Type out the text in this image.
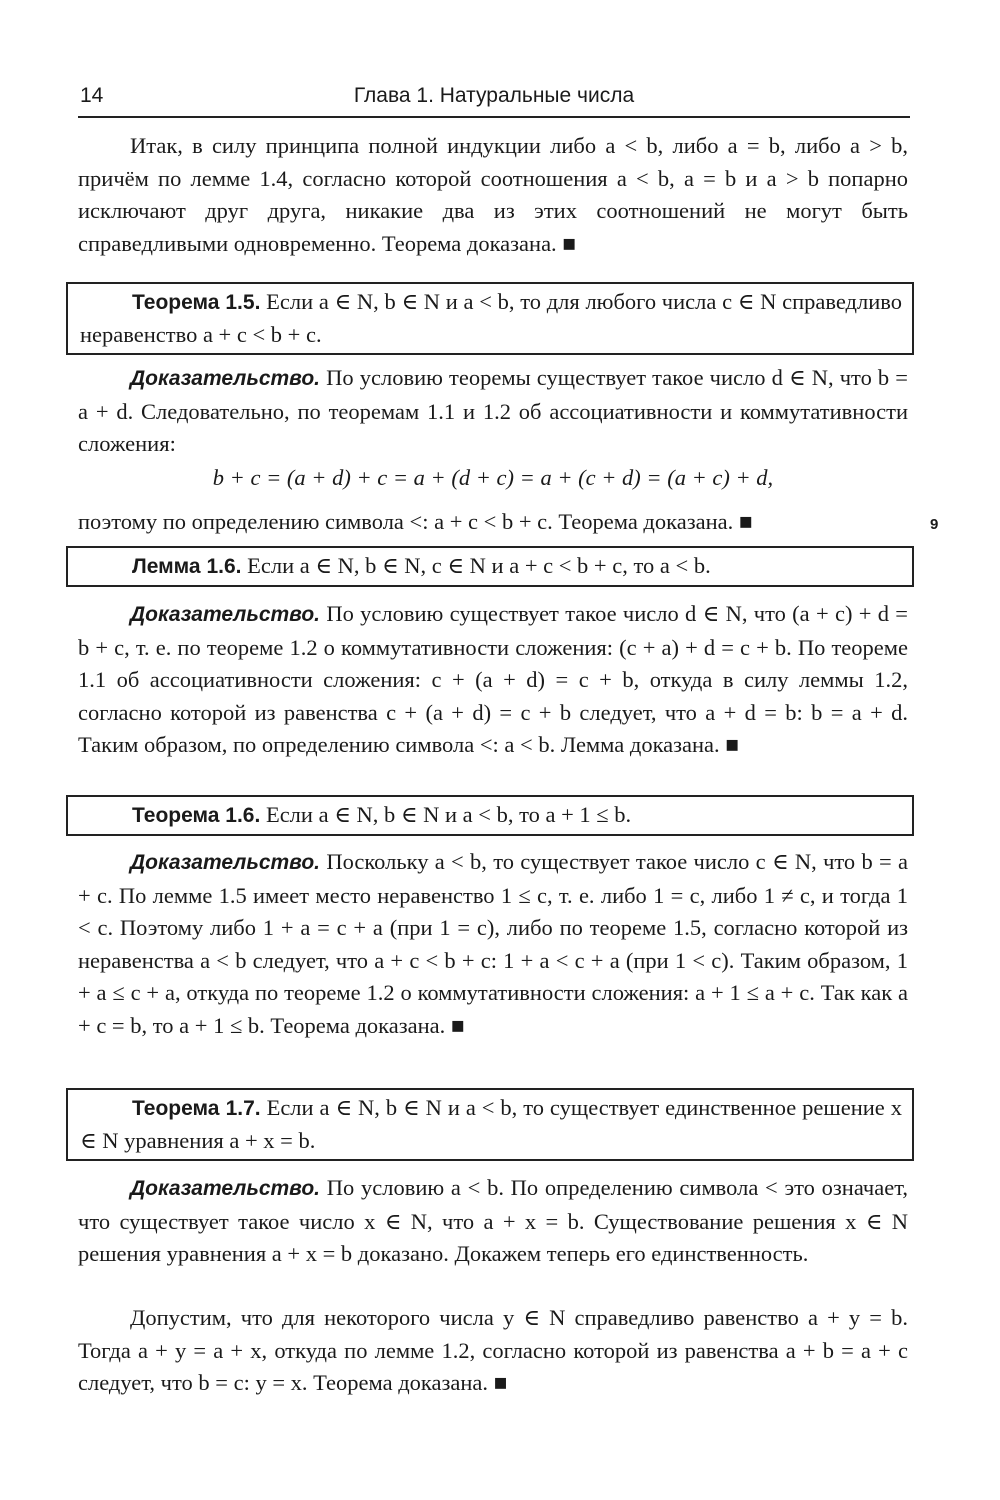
14	Глава 1. Натуральные числа
9

Итак, в силу принципа полной индукции либо a < b, либо a = b, либо a > b, причём по лемме 1.4, согласно которой соотношения a < b, a = b и a > b попарно исключают друг друга, никакие два из этих соотношений не могут быть справедливыми одновременно. Теорема доказана. ■

Теорема 1.5. Если a ∈ N, b ∈ N и a < b, то для любого числа c ∈ N справедливо неравенство a + c < b + c.

Доказательство. По условию теоремы существует такое число d ∈ N, что b = a + d. Следовательно, по теоремам 1.1 и 1.2 об ассоциативности и коммутативности сложения:

b + c = (a + d) + c = a + (d + c) = a + (c + d) = (a + c) + d,

поэтому по определению символа <: a + c < b + c. Теорема доказана. ■

Лемма 1.6. Если a ∈ N, b ∈ N, c ∈ N и a + c < b + c, то a < b.

Доказательство. По условию существует такое число d ∈ N, что (a + c) + d = b + c, т. е. по теореме 1.2 о коммутативности сложения: (c + a) + d = c + b. По теореме 1.1 об ассоциативности сложения: c + (a + d) = c + b, откуда в силу леммы 1.2, согласно которой из равенства c + (a + d) = c + b следует, что a + d = b: b = a + d. Таким образом, по определению символа <: a < b. Лемма доказана. ■

Теорема 1.6. Если a ∈ N, b ∈ N и a < b, то a + 1 ≤ b.

Доказательство. Поскольку a < b, то существует такое число c ∈ N, что b = a + c. По лемме 1.5 имеет место неравенство 1 ≤ c, т. е. либо 1 = c, либо 1 ≠ c, и тогда 1 < c. Поэтому либо 1 + a = c + a (при 1 = c), либо по теореме 1.5, согласно которой из неравенства a < b следует, что a + c < b + c: 1 + a < c + a (при 1 < c). Таким образом, 1 + a ≤ c + a, откуда по теореме 1.2 о коммутативности сложения: a + 1 ≤ a + c. Так как a + c = b, то a + 1 ≤ b. Теорема доказана. ■

Теорема 1.7. Если a ∈ N, b ∈ N и a < b, то существует единственное решение x ∈ N уравнения a + x = b.

Доказательство. По условию a < b. По определению символа < это означает, что существует такое число x ∈ N, что a + x = b. Существование решения x ∈ N решения уравнения a + x = b доказано. Докажем теперь его единственность.

Допустим, что для некоторого числа y ∈ N справедливо равенство a + y = b. Тогда a + y = a + x, откуда по лемме 1.2, согласно которой из равенства a + b = a + c следует, что b = c: y = x. Теорема доказана. ■
